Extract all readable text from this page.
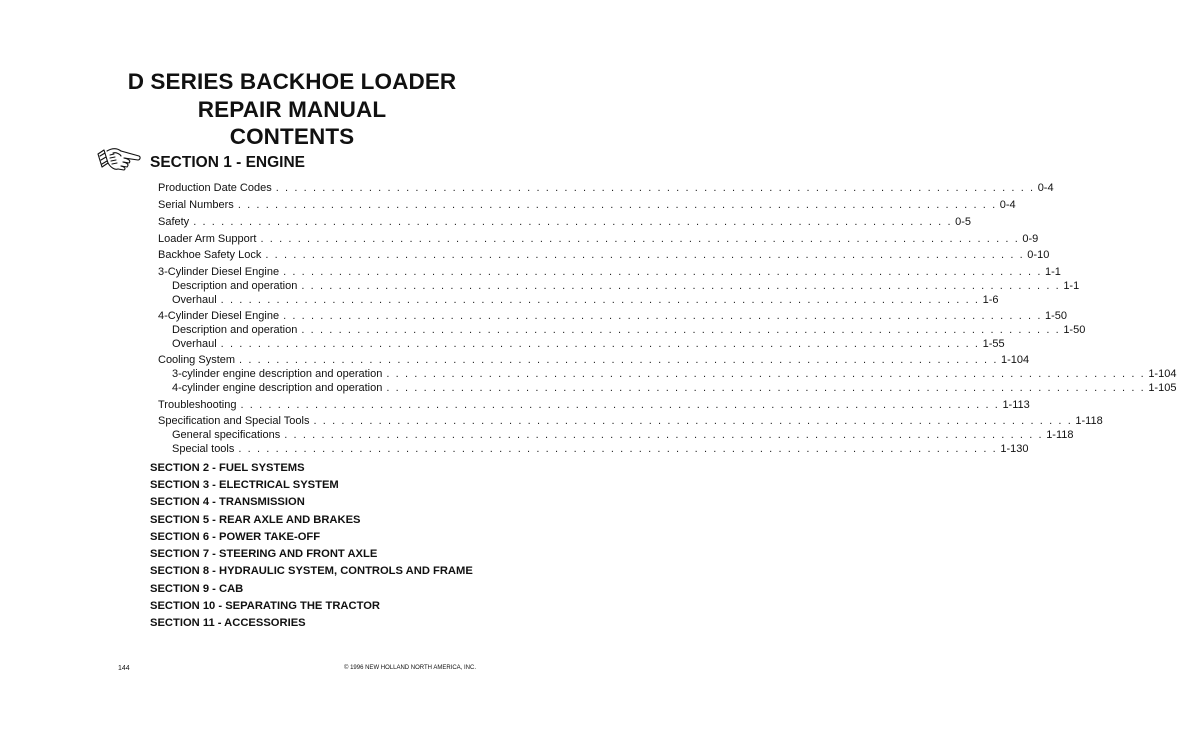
D SERIES BACKHOE LOADER
REPAIR MANUAL
CONTENTS
SECTION 1 - ENGINE
Production Date Codes . . . . . . . . . . . . . . . . . . . . . . . . . . . . . . . . . . . . . . . . . . . . . . . . . . . . . . . . . . . . . . . . . . . . . . . . . . . . . . . . . . 0-4
Serial Numbers . . . . . . . . . . . . . . . . . . . . . . . . . . . . . . . . . . . . . . . . . . . . . . . . . . . . . . . . . . . . . . . . . . . . . . . . . . . . . . . . . . 0-4
Safety . . . . . . . . . . . . . . . . . . . . . . . . . . . . . . . . . . . . . . . . . . . . . . . . . . . . . . . . . . . . . . . . . . . . . . . . . . . . . . . . . . 0-5
Loader Arm Support . . . . . . . . . . . . . . . . . . . . . . . . . . . . . . . . . . . . . . . . . . . . . . . . . . . . . . . . . . . . . . . . . . . . . . . . . . . . . . . . . . 0-9
Backhoe Safety Lock . . . . . . . . . . . . . . . . . . . . . . . . . . . . . . . . . . . . . . . . . . . . . . . . . . . . . . . . . . . . . . . . . . . . . . . . . . . . . . . . . . 0-10
3-Cylinder Diesel Engine . . . . . . . . . . . . . . . . . . . . . . . . . . . . . . . . . . . . . . . . . . . . . . . . . . . . . . . . . . . . . . . . . . . . . . . . . . . . . . . . . . 1-1
Description and operation . . . . . . . . . . . . . . . . . . . . . . . . . . . . . . . . . . . . . . . . . . . . . . . . . . . . . . . . . . . . . . . . . . . . . . . . . . . . . . . . . . 1-1
Overhaul . . . . . . . . . . . . . . . . . . . . . . . . . . . . . . . . . . . . . . . . . . . . . . . . . . . . . . . . . . . . . . . . . . . . . . . . . . . . . . . . . . 1-6
4-Cylinder Diesel Engine . . . . . . . . . . . . . . . . . . . . . . . . . . . . . . . . . . . . . . . . . . . . . . . . . . . . . . . . . . . . . . . . . . . . . . . . . . . . . . . . . . 1-50
Description and operation . . . . . . . . . . . . . . . . . . . . . . . . . . . . . . . . . . . . . . . . . . . . . . . . . . . . . . . . . . . . . . . . . . . . . . . . . . . . . . . . . . 1-50
Overhaul . . . . . . . . . . . . . . . . . . . . . . . . . . . . . . . . . . . . . . . . . . . . . . . . . . . . . . . . . . . . . . . . . . . . . . . . . . . . . . . . . . 1-55
Cooling System . . . . . . . . . . . . . . . . . . . . . . . . . . . . . . . . . . . . . . . . . . . . . . . . . . . . . . . . . . . . . . . . . . . . . . . . . . . . . . . . . . 1-104
3-cylinder engine description and operation . . . . . . . . . . . . . . . . . . . . . . . . . . . . . . . . . . . . . . . . . . . . . . . . . . . . . . . . . . . . . . . . . . . . . . . . . . . . . . . . . . 1-104
4-cylinder engine description and operation . . . . . . . . . . . . . . . . . . . . . . . . . . . . . . . . . . . . . . . . . . . . . . . . . . . . . . . . . . . . . . . . . . . . . . . . . . . . . . . . . . 1-105
Troubleshooting . . . . . . . . . . . . . . . . . . . . . . . . . . . . . . . . . . . . . . . . . . . . . . . . . . . . . . . . . . . . . . . . . . . . . . . . . . . . . . . . . . 1-113
Specification and Special Tools . . . . . . . . . . . . . . . . . . . . . . . . . . . . . . . . . . . . . . . . . . . . . . . . . . . . . . . . . . . . . . . . . . . . . . . . . . . . . . . . . . 1-118
General specifications . . . . . . . . . . . . . . . . . . . . . . . . . . . . . . . . . . . . . . . . . . . . . . . . . . . . . . . . . . . . . . . . . . . . . . . . . . . . . . . . . . 1-118
Special tools . . . . . . . . . . . . . . . . . . . . . . . . . . . . . . . . . . . . . . . . . . . . . . . . . . . . . . . . . . . . . . . . . . . . . . . . . . . . . . . . . . 1-130
SECTION 2 - FUEL SYSTEMS
SECTION 3 - ELECTRICAL SYSTEM
SECTION 4 - TRANSMISSION
SECTION 5 - REAR AXLE AND BRAKES
SECTION 6 - POWER TAKE-OFF
SECTION 7 - STEERING AND FRONT AXLE
SECTION 8 - HYDRAULIC SYSTEM, CONTROLS AND FRAME
SECTION 9 - CAB
SECTION 10 - SEPARATING THE TRACTOR
SECTION 11 - ACCESSORIES
144	© 1996 NEW HOLLAND NORTH AMERICA, INC.
